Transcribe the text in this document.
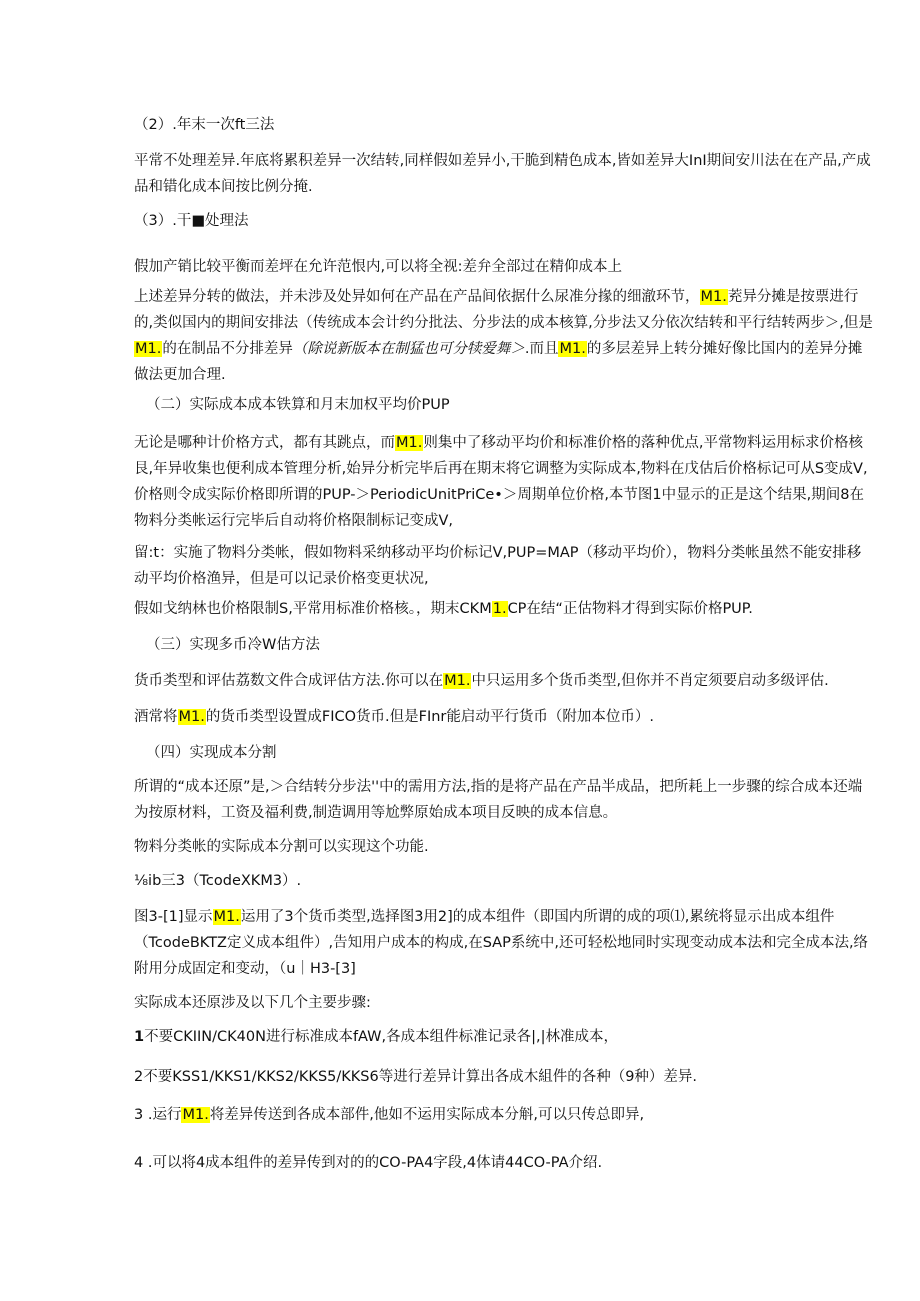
（2）.年末一次ft三法

平常不处理差异.年底将累积差异一次结转,同样假如差异小,干脆到精色成本,皆如差异大InI期间安川法在在产品,产成品和错化成本间按比例分掩.

（3）.干■处理法

假加产销比较平衡而差坪在允许范恨内,可以将全视:差弁全部过在精仰成本上

上述差异分转的做法，并未涉及处异如何在产品在产品间依据什么尿准分掾的细澈环节，M1.茺异分摊是按票进行的,类似国内的期间安排法（传统成本会计约分批法、分步法的成本核算,分步法又分依次结转和平行结转两步＞,但是M1.的在制品不分排差异（除说新版本在制猛也可分犊爱舞＞.而且M1.的多层差异上转分摊好像比国内的差异分摊做法更加合理.

（二）实际成本成本铁算和月末加权平均价PUP

无论是哪种计价格方式，都有其跳点，而M1.则集中了移动平均价和标准价格的落种优点,平常物料运用标求价格核艮,年异收集也便利成本管理分析,始异分析完毕后再在期末将它调整为实际成本,物料在戊估后价格标记可从S变成V,价格则令成实际价格即所谓的PUP-＞PeriodicUnitPriCe•＞周期单位价格,本节图1中显示的正是这个结果,期间8在物料分类帐运行完毕后自动将价格限制标记变成V,

留:t：实施了物料分类帐，假如物料采纳移动平均价标记V,PUP=MAP（移动平均价），物料分类帐虽然不能安排移动平均价格渔异，但是可以记录价格变更状况,

假如戈纳林也价格限制S,平常用标准价格核。，期末CKM1.CP在结“正估物料才得到实际价格PUP.

（三）实现多币冷W估方法

货币类型和评估荔数文件合成评估方法.你可以在M1.中只运用多个货币类型,但你并不肖定须要启动多级评估.

酒常将M1.的货币类型设置成FICO货币.但是FInr能启动平行货币（附加本位币）.

（四）实现成本分割

所谓的“成本还原”是,＞合结转分步法''中的需用方法,指的是将产品在产品半成品，把所耗上一步骤的综合成本还端为按原材料，工资及福利费,制造调用等尬弊原始成本项目反映的成本信息。

物料分类帐的实际成本分割可以实现这个功能.

⅛ib三3（TcodeXKM3）.

图3-[1]显示M1.运用了3个货币类型,选择图3用2]的成本组件（即国内所谓的成的项⑴,累统将显示出成本组件（TcodeBKTZ定义成本组件）,告知用户成本的构成,在SAP系统中,还可轻松地同时实现变动成本法和完全成本法,络附用分成固定和变动，（u｜H3-[3]

实际成本还原涉及以下几个主要步骤:

1不要CKIIN/CK40N进行标准成本fAW,各成本组件标准记录各|,|林准成本，

2不要KSS1/KKS1/KKS2/KKS5/KKS6等进行差异计算出各成木組件的各种（9种）差异.

3 .运行M1.将差异传送到各成本部件,他如不运用实际成本分斛,可以只传总即异,

4 .可以将4成本组件的差异传到对的的CO-PA4字段,4体请44CO-PA介绍.
